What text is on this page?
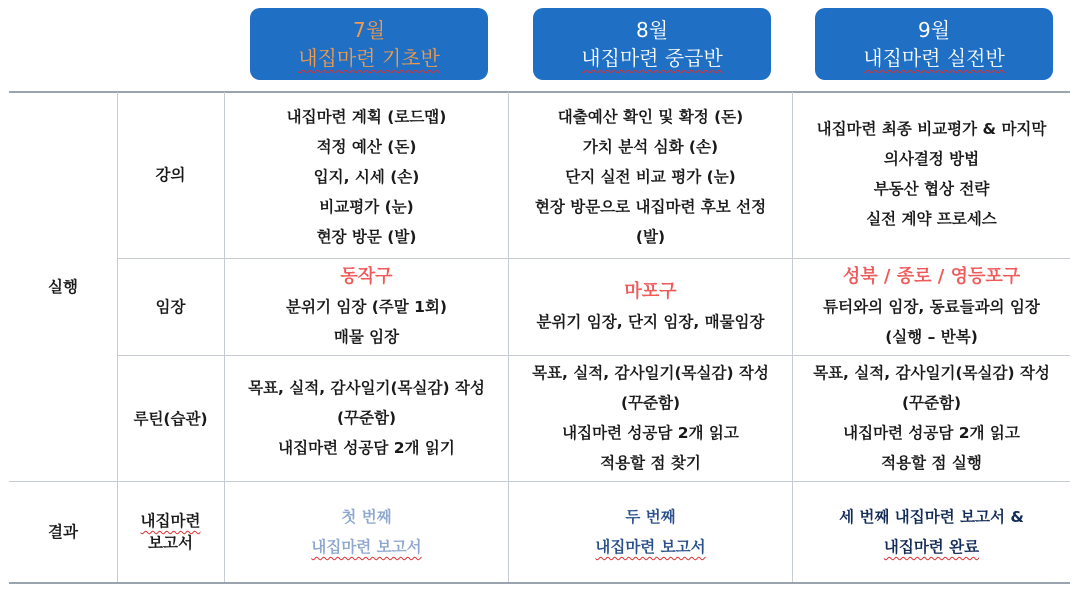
7월
내집마련 기초반
8월
내집마련 중급반
9월
내집마련 실전반
실행
결과
강의
임장
루틴(습관)
내집마련
보고서
내집마련 계획 (로드맵)
적정 예산 (돈)
입지, 시세 (손)
비교평가 (눈)
현장 방문 (발)
대출예산 확인 및 확정 (돈)
가치 분석 심화 (손)
단지 실전 비교 평가 (눈)
현장 방문으로 내집마련 후보 선정
(발)
내집마련 최종 비교평가 & 마지막
의사결정 방법
부동산 협상 전략
실전 계약 프로세스
동작구
분위기 임장 (주말 1회)
매물 임장
마포구
분위기 임장, 단지 임장, 매물임장
성북 / 종로 / 영등포구
튜터와의 임장, 동료들과의 임장
(실행 – 반복)
목표, 실적, 감사일기(목실감) 작성
(꾸준함)
내집마련 성공담 2개 읽기
목표, 실적, 감사일기(목실감) 작성
(꾸준함)
내집마련 성공담 2개 읽고
적용할 점 찾기
목표, 실적, 감사일기(목실감) 작성
(꾸준함)
내집마련 성공담 2개 읽고
적용할 점 실행
첫 번째
내집마련 보고서
두 번째
내집마련 보고서
세 번째 내집마련 보고서 &
내집마련 완료
